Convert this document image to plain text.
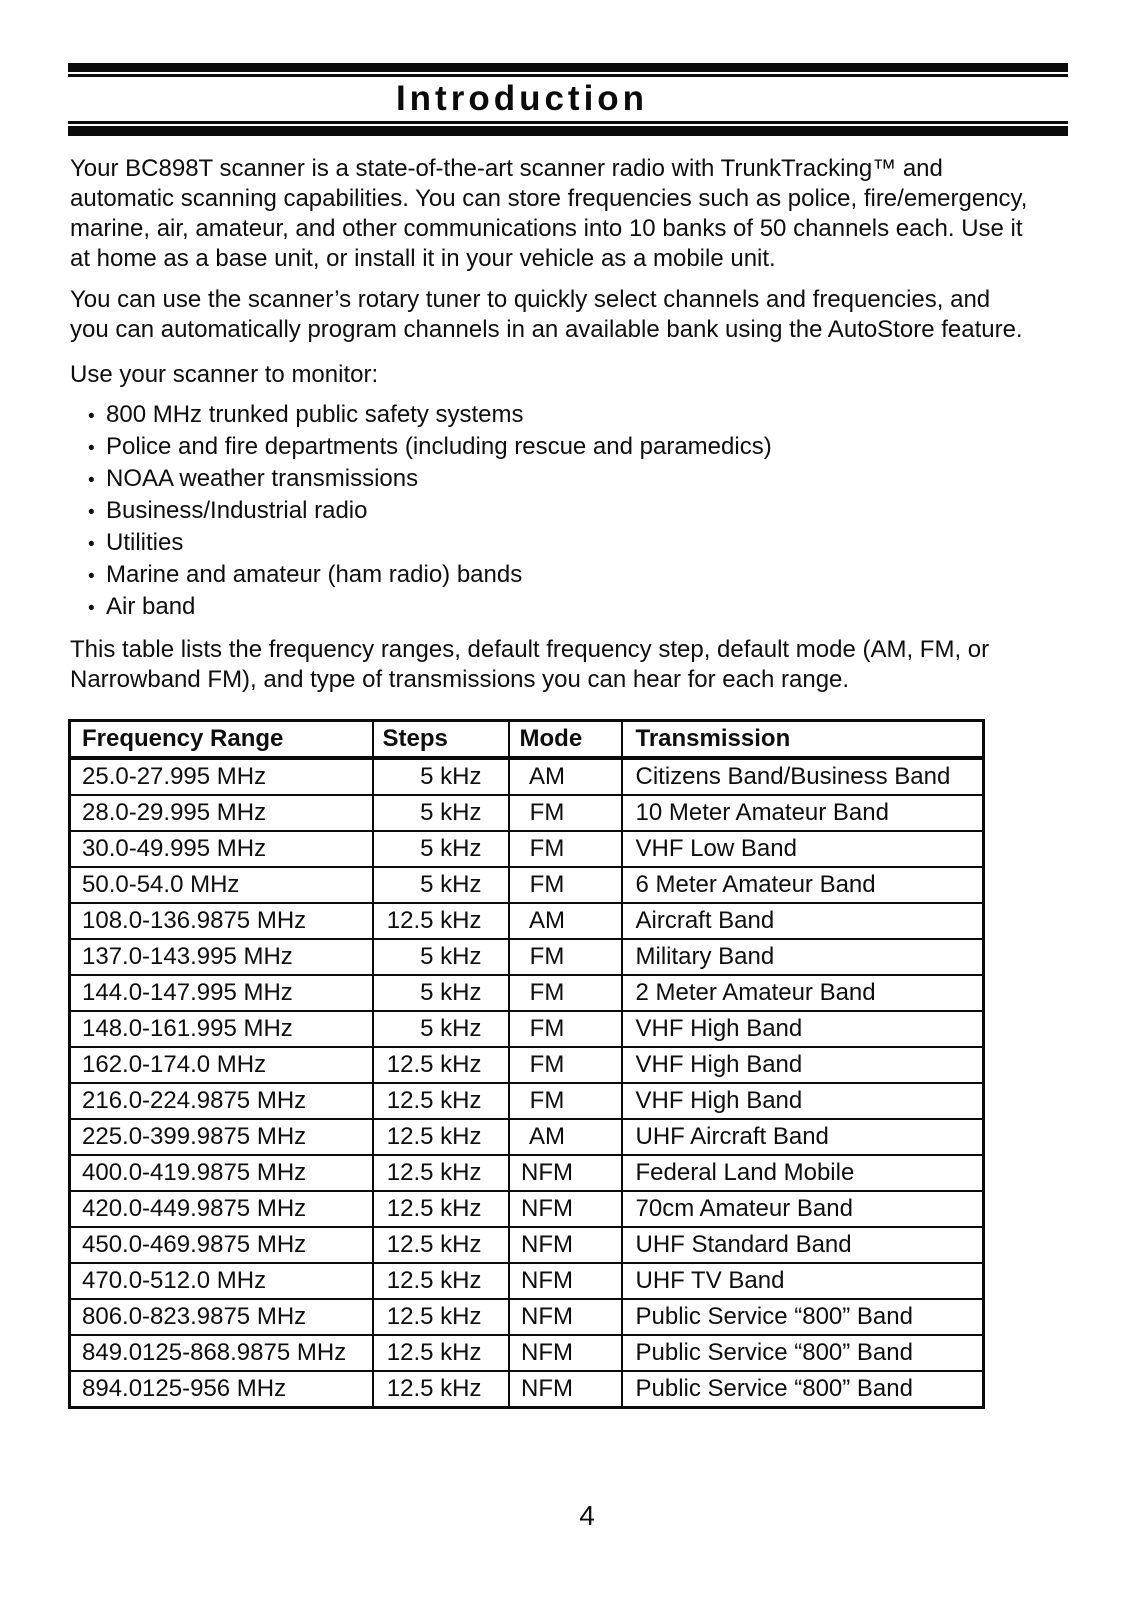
Introduction
Your BC898T scanner is a state-of-the-art scanner radio with TrunkTracking™ and
automatic scanning capabilities. You can store frequencies such as police, fire/emergency,
marine, air, amateur, and other communications into 10 banks of 50 channels each. Use it
at home as a base unit, or install it in your vehicle as a mobile unit.
You can use the scanner’s rotary tuner to quickly select channels and frequencies, and
you can automatically program channels in an available bank using the AutoStore feature.
Use your scanner to monitor:
• 800 MHz trunked public safety systems
• Police and fire departments (including rescue and paramedics)
• NOAA weather transmissions
• Business/Industrial radio
• Utilities
• Marine and amateur (ham radio) bands
• Air band
This table lists the frequency ranges, default frequency step, default mode (AM, FM, or
Narrowband FM), and type of transmissions you can hear for each range.
Frequency Range	Steps	Mode	Transmission
25.0-27.995 MHz	5 kHz	AM	Citizens Band/Business Band
28.0-29.995 MHz	5 kHz	FM	10 Meter Amateur Band
30.0-49.995 MHz	5 kHz	FM	VHF Low Band
50.0-54.0 MHz	5 kHz	FM	6 Meter Amateur Band
108.0-136.9875 MHz	12.5 kHz	AM	Aircraft Band
137.0-143.995 MHz	5 kHz	FM	Military Band
144.0-147.995 MHz	5 kHz	FM	2 Meter Amateur Band
148.0-161.995 MHz	5 kHz	FM	VHF High Band
162.0-174.0 MHz	12.5 kHz	FM	VHF High Band
216.0-224.9875 MHz	12.5 kHz	FM	VHF High Band
225.0-399.9875 MHz	12.5 kHz	AM	UHF Aircraft Band
400.0-419.9875 MHz	12.5 kHz	NFM	Federal Land Mobile
420.0-449.9875 MHz	12.5 kHz	NFM	70cm Amateur Band
450.0-469.9875 MHz	12.5 kHz	NFM	UHF Standard Band
470.0-512.0 MHz	12.5 kHz	NFM	UHF TV Band
806.0-823.9875 MHz	12.5 kHz	NFM	Public Service “800” Band
849.0125-868.9875 MHz	12.5 kHz	NFM	Public Service “800” Band
894.0125-956 MHz	12.5 kHz	NFM	Public Service “800” Band
4
